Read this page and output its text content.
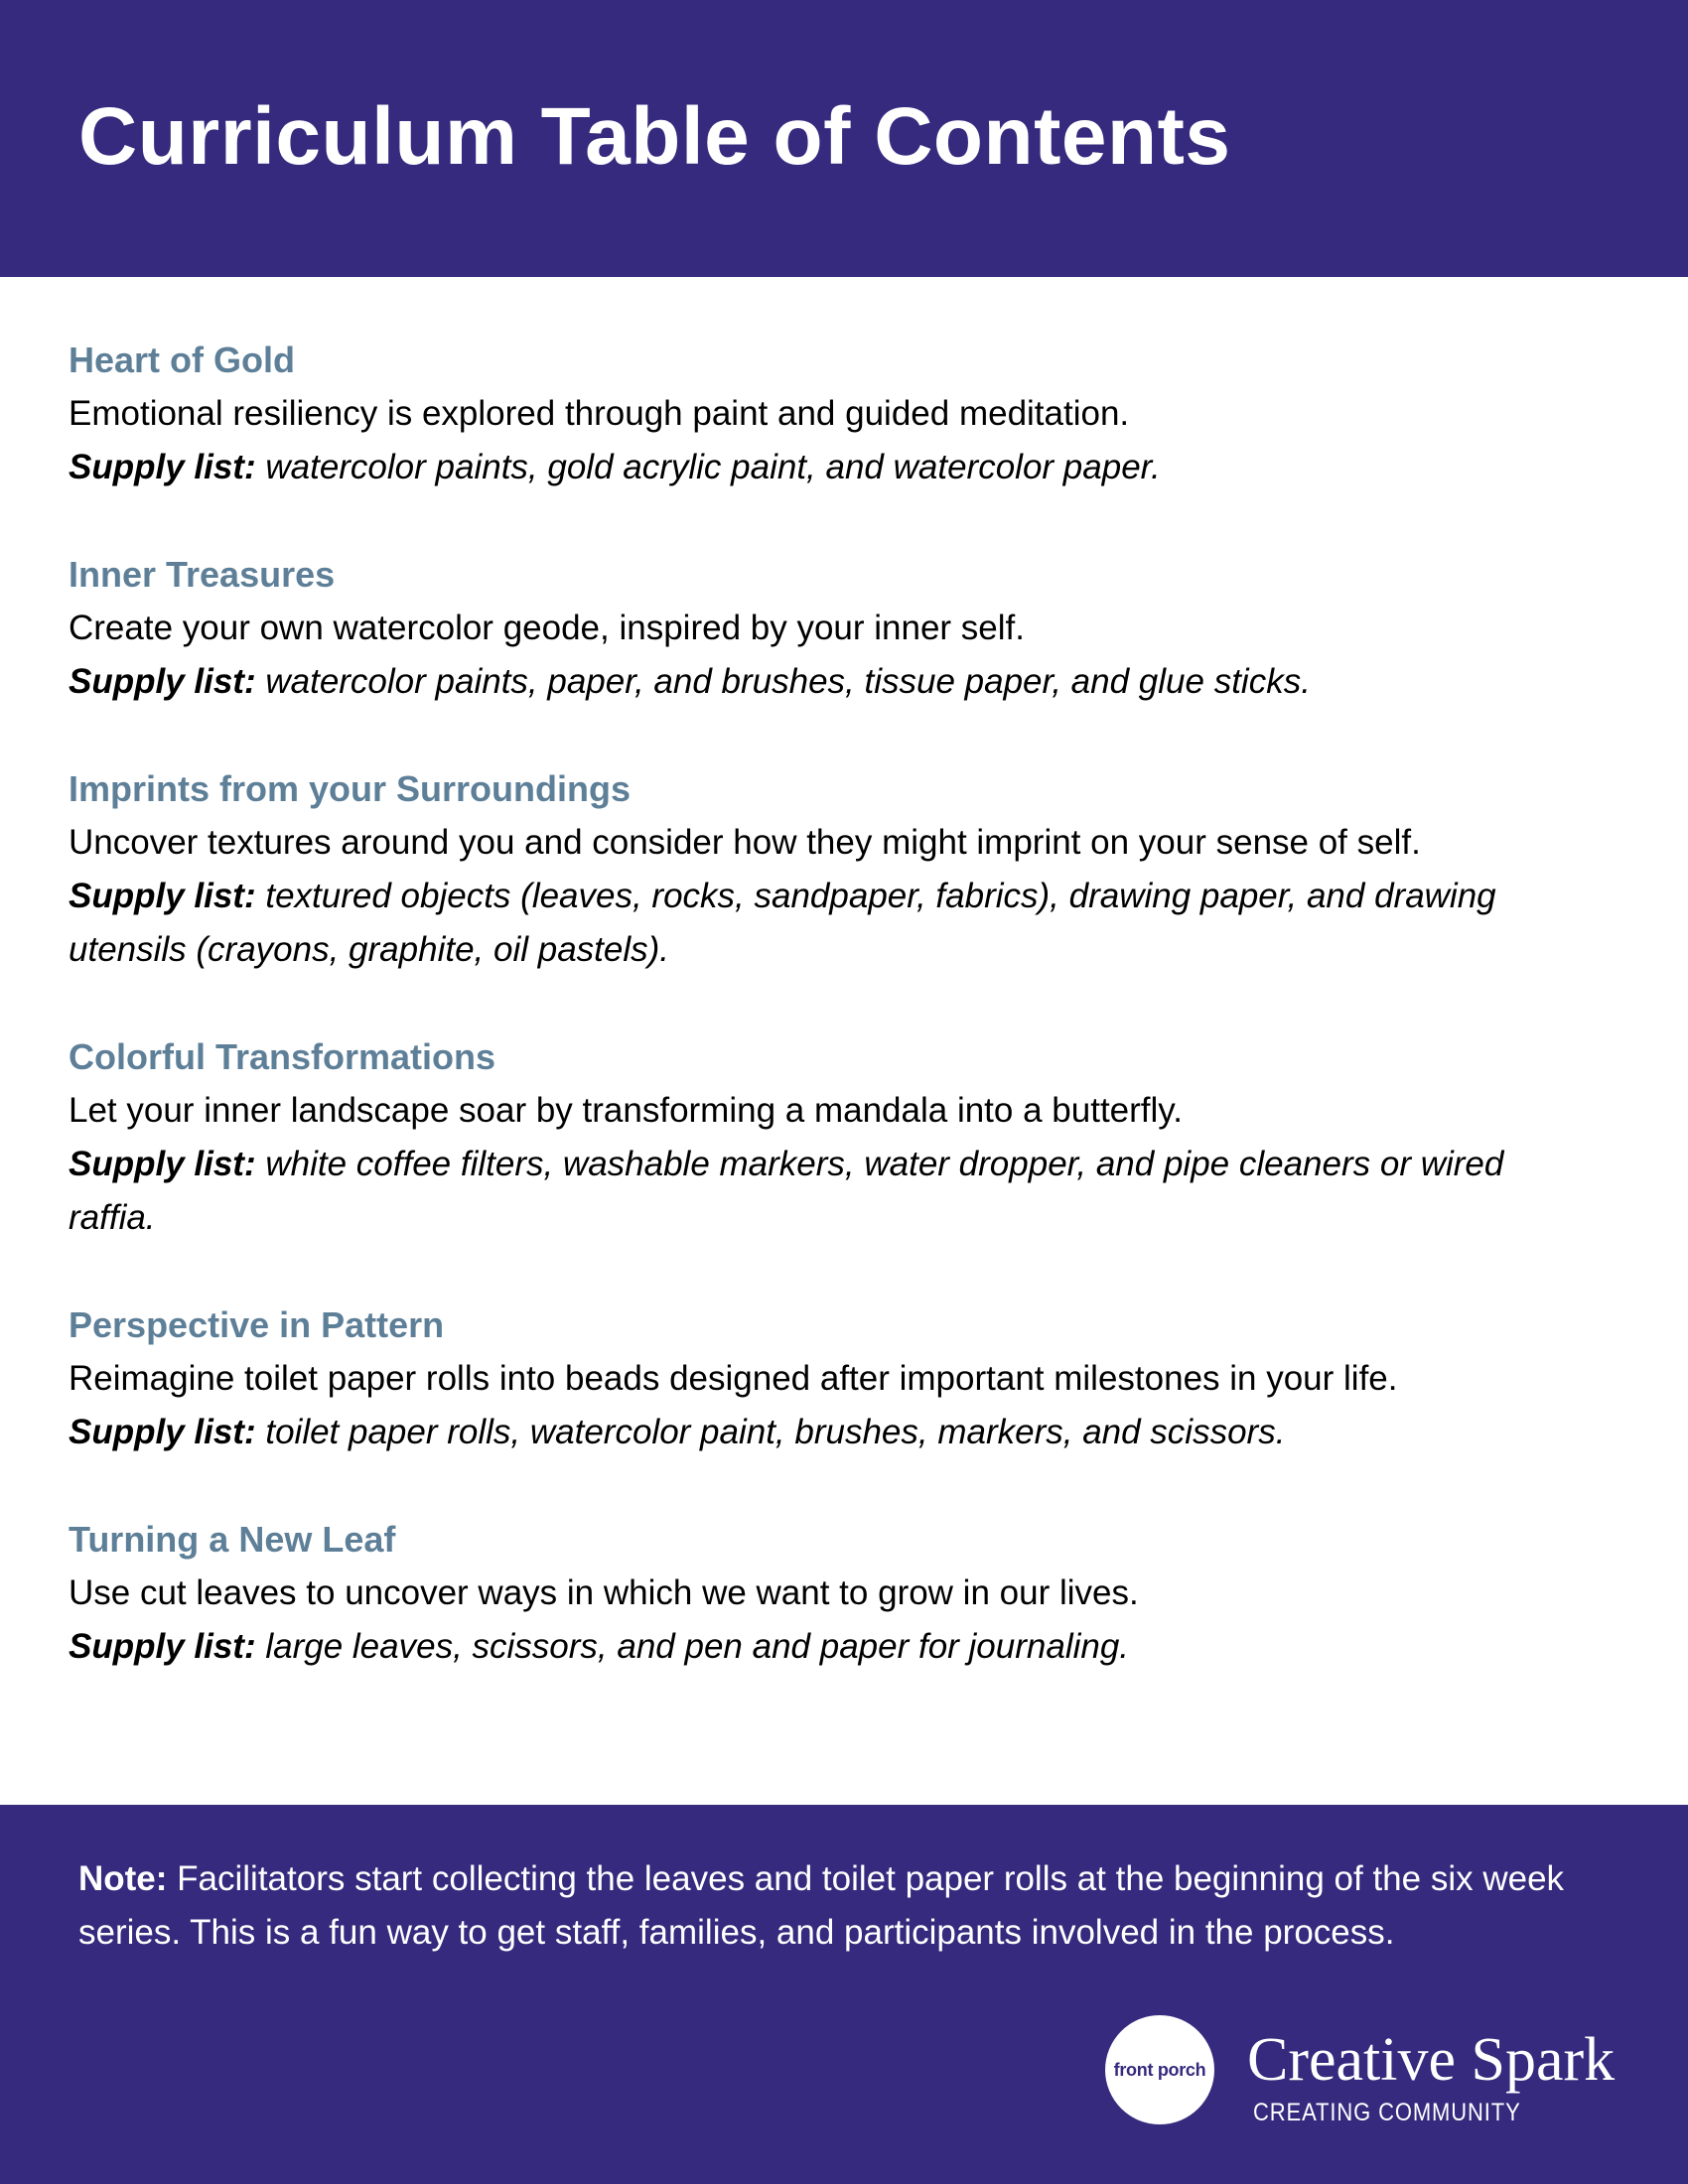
Curriculum Table of Contents
Heart of Gold

Emotional resiliency is explored through paint and guided meditation.

Supply list: watercolor paints, gold acrylic paint, and watercolor paper.

Inner Treasures

Create your own watercolor geode, inspired by your inner self.

Supply list: watercolor paints, paper, and brushes, tissue paper, and glue sticks.

Imprints from your Surroundings

Uncover textures around you and consider how they might imprint on your sense of self.

Supply list: textured objects (leaves, rocks, sandpaper, fabrics), drawing paper, and drawing utensils (crayons, graphite, oil pastels).

Colorful Transformations

Let your inner landscape soar by transforming a mandala into a butterfly.

Supply list: white coffee filters, washable markers, water dropper, and pipe cleaners or wired raffia.

Perspective in Pattern

Reimagine toilet paper rolls into beads designed after important milestones in your life.

Supply list: toilet paper rolls, watercolor paint, brushes, markers, and scissors.

Turning a New Leaf

Use cut leaves to uncover ways in which we want to grow in our lives.

Supply list: large leaves, scissors, and pen and paper for journaling.

Note: Facilitators start collecting the leaves and toilet paper rolls at the beginning of the six week series. This is a fun way to get staff, families, and participants involved in the process.

front porch Creative Spark
CREATING COMMUNITY
